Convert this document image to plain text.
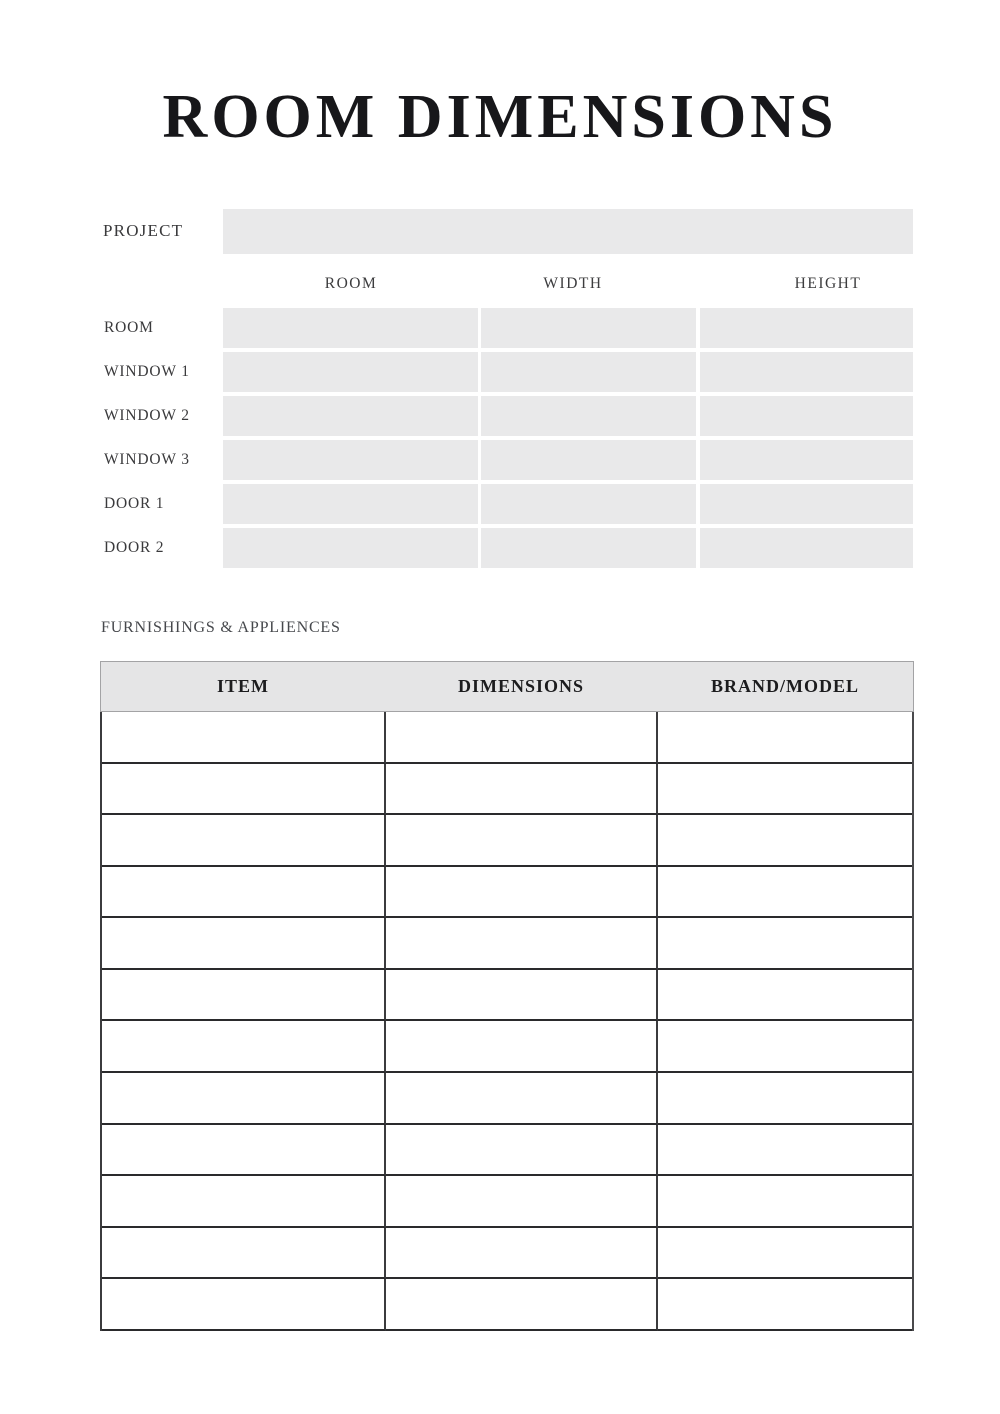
ROOM DIMENSIONS
PROJECT
ROOM	WIDTH	HEIGHT
ROOM
WINDOW 1
WINDOW 2
WINDOW 3
DOOR 1
DOOR 2
FURNISHINGS & APPLIENCES
ITEM	DIMENSIONS	BRAND/MODEL
